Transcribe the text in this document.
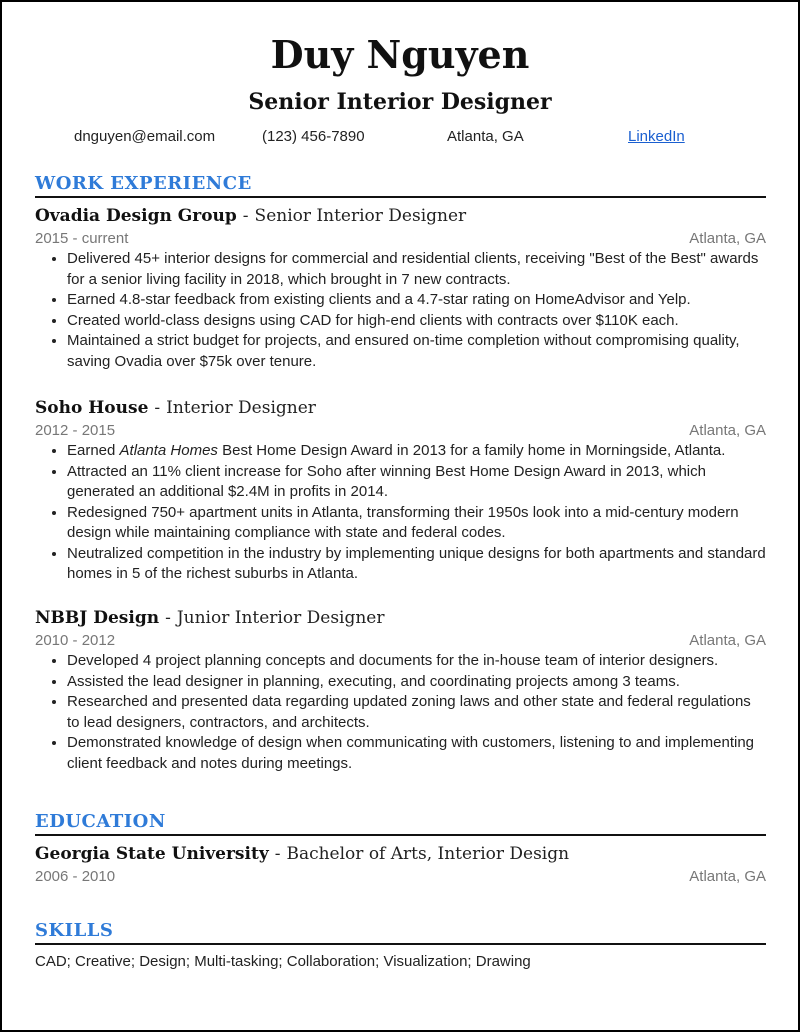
Duy Nguyen
Senior Interior Designer
dnguyen@email.com	(123) 456-7890	Atlanta, GA	LinkedIn
WORK EXPERIENCE
Ovadia Design Group - Senior Interior Designer
2015 - current	Atlanta, GA
• Delivered 45+ interior designs for commercial and residential clients, receiving "Best of the Best" awards for a senior living facility in 2018, which brought in 7 new contracts.
• Earned 4.8-star feedback from existing clients and a 4.7-star rating on HomeAdvisor and Yelp.
• Created world-class designs using CAD for high-end clients with contracts over $110K each.
• Maintained a strict budget for projects, and ensured on-time completion without compromising quality, saving Ovadia over $75k over tenure.
Soho House - Interior Designer
2012 - 2015	Atlanta, GA
• Earned Atlanta Homes Best Home Design Award in 2013 for a family home in Morningside, Atlanta.
• Attracted an 11% client increase for Soho after winning Best Home Design Award in 2013, which generated an additional $2.4M in profits in 2014.
• Redesigned 750+ apartment units in Atlanta, transforming their 1950s look into a mid-century modern design while maintaining compliance with state and federal codes.
• Neutralized competition in the industry by implementing unique designs for both apartments and standard homes in 5 of the richest suburbs in Atlanta.
NBBJ Design - Junior Interior Designer
2010 - 2012	Atlanta, GA
• Developed 4 project planning concepts and documents for the in-house team of interior designers.
• Assisted the lead designer in planning, executing, and coordinating projects among 3 teams.
• Researched and presented data regarding updated zoning laws and other state and federal regulations to lead designers, contractors, and architects.
• Demonstrated knowledge of design when communicating with customers, listening to and implementing client feedback and notes during meetings.
EDUCATION
Georgia State University - Bachelor of Arts, Interior Design
2006 - 2010	Atlanta, GA
SKILLS
CAD; Creative; Design; Multi-tasking; Collaboration; Visualization; Drawing
